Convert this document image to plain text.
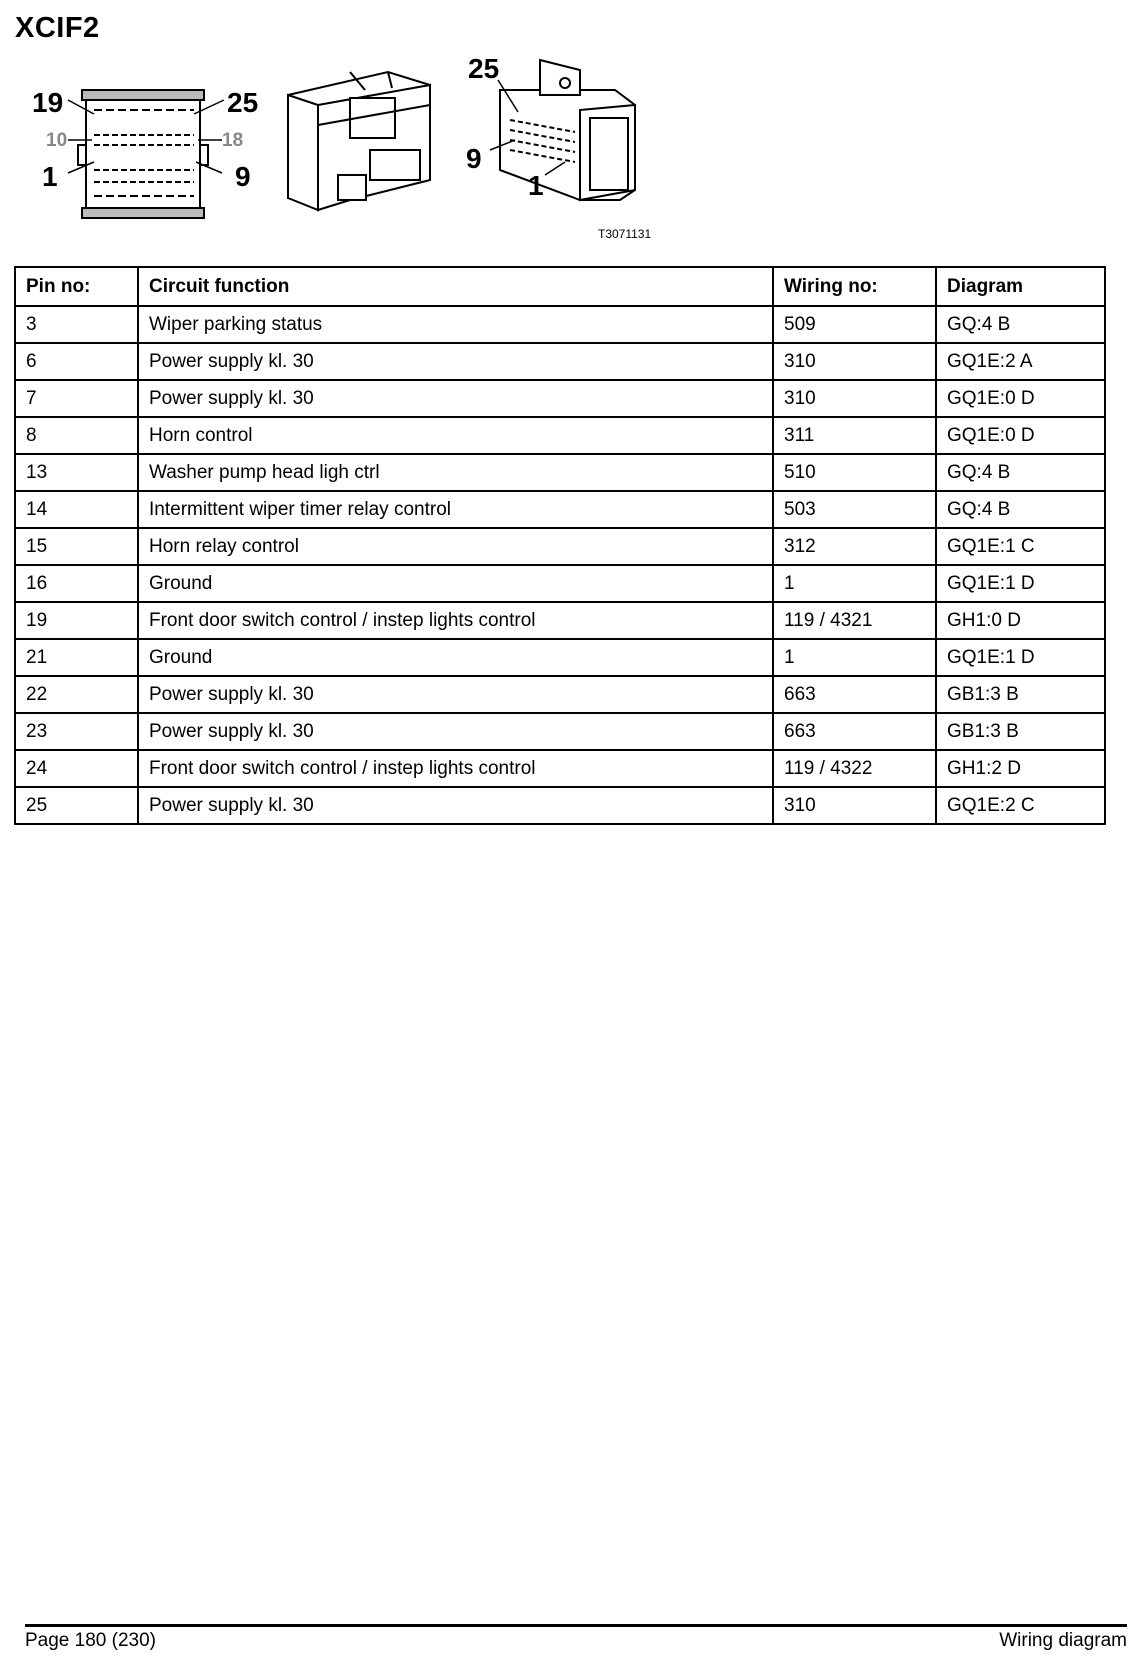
XCIF2
19	25
10	18
1	9
25
9
1
T3071131
Pin no:	Circuit function	Wiring no:	Diagram
3	Wiper parking status	509	GQ:4 B
6	Power supply kl. 30	310	GQ1E:2 A
7	Power supply kl. 30	310	GQ1E:0 D
8	Horn control	311	GQ1E:0 D
13	Washer pump head ligh ctrl	510	GQ:4 B
14	Intermittent wiper timer relay control	503	GQ:4 B
15	Horn relay control	312	GQ1E:1 C
16	Ground	1	GQ1E:1 D
19	Front door switch control / instep lights control	119 / 4321	GH1:0 D
21	Ground	1	GQ1E:1 D
22	Power supply kl. 30	663	GB1:3 B
23	Power supply kl. 30	663	GB1:3 B
24	Front door switch control / instep lights control	119 / 4322	GH1:2 D
25	Power supply kl. 30	310	GQ1E:2 C
Page 180 (230)	Wiring diagram
